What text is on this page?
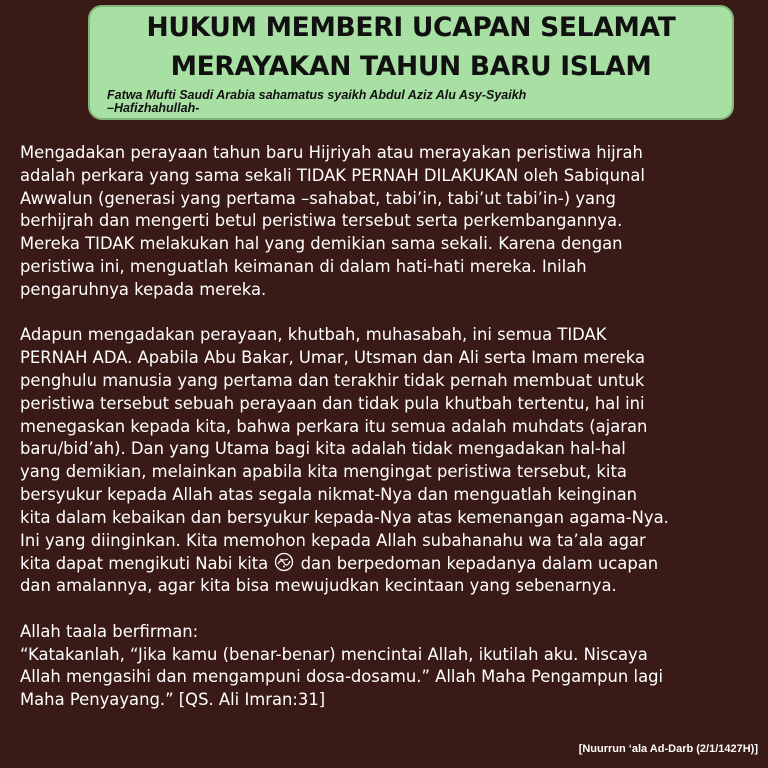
HUKUM MEMBERI UCAPAN SELAMAT
MERAYAKAN TAHUN BARU ISLAM
Fatwa Mufti Saudi Arabia sahamatus syaikh Abdul Aziz Alu Asy-Syaikh
–Hafizhahullah-
Mengadakan perayaan tahun baru Hijriyah atau merayakan peristiwa hijrah
adalah perkara yang sama sekali TIDAK PERNAH DILAKUKAN oleh Sabiqunal
Awwalun (generasi yang pertama –sahabat, tabi’in, tabi’ut tabi’in-) yang
berhijrah dan mengerti betul peristiwa tersebut serta perkembangannya.
Mereka TIDAK melakukan hal yang demikian sama sekali. Karena dengan
peristiwa ini, menguatlah keimanan di dalam hati-hati mereka. Inilah
pengaruhnya kepada mereka.
Adapun mengadakan perayaan, khutbah, muhasabah, ini semua TIDAK
PERNAH ADA. Apabila Abu Bakar, Umar, Utsman dan Ali serta Imam mereka
penghulu manusia yang pertama dan terakhir tidak pernah membuat untuk
peristiwa tersebut sebuah perayaan dan tidak pula khutbah tertentu, hal ini
menegaskan kepada kita, bahwa perkara itu semua adalah muhdats (ajaran
baru/bid’ah). Dan yang Utama bagi kita adalah tidak mengadakan hal-hal
yang demikian, melainkan apabila kita mengingat peristiwa tersebut, kita
bersyukur kepada Allah atas segala nikmat-Nya dan menguatlah keinginan
kita dalam kebaikan dan bersyukur kepada-Nya atas kemenangan agama-Nya.
Ini yang diinginkan. Kita memohon kepada Allah subahanahu wa ta’ala agar
kita dapat mengikuti Nabi kita dan berpedoman kepadanya dalam ucapan
dan amalannya, agar kita bisa mewujudkan kecintaan yang sebenarnya.
Allah taala berfirman:
“Katakanlah, “Jika kamu (benar-benar) mencintai Allah, ikutilah aku. Niscaya
Allah mengasihi dan mengampuni dosa-dosamu.” Allah Maha Pengampun lagi
Maha Penyayang.” [QS. Ali Imran:31]
[Nuurrun ‘ala Ad-Darb (2/1/1427H)]
